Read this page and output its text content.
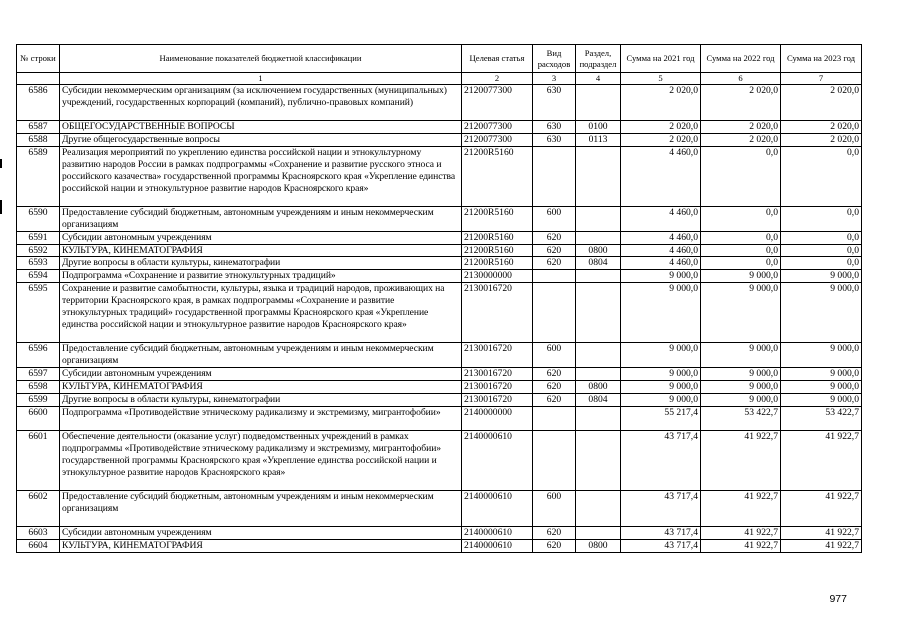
№ строки	Наименование показателей бюджетной классификации	Целевая статья	Вид расходов	Раздел, подраздел	Сумма на 2021 год	Сумма на 2022 год	Сумма на 2023 год
	1	2	3	4	5	6	7
6586	Субсидии некоммерческим организациям (за исключением государственных (муниципальных) учреждений, государственных корпораций (компаний), публично-правовых компаний)	2120077300	630		2 020,0	2 020,0	2 020,0
6587	ОБЩЕГОСУДАРСТВЕННЫЕ ВОПРОСЫ	2120077300	630	0100	2 020,0	2 020,0	2 020,0
6588	Другие общегосударственные вопросы	2120077300	630	0113	2 020,0	2 020,0	2 020,0
6589	Реализация мероприятий по укреплению единства российской нации и этнокультурному развитию народов России в рамках подпрограммы «Сохранение и развитие русского этноса и российского казачества» государственной программы Красноярского края «Укрепление единства российской нации и этнокультурное развитие народов Красноярского края»	21200R5160			4 460,0	0,0	0,0
6590	Предоставление субсидий бюджетным, автономным учреждениям и иным некоммерческим организациям	21200R5160	600		4 460,0	0,0	0,0
6591	Субсидии автономным учреждениям	21200R5160	620		4 460,0	0,0	0,0
6592	КУЛЬТУРА, КИНЕМАТОГРАФИЯ	21200R5160	620	0800	4 460,0	0,0	0,0
6593	Другие вопросы в области культуры, кинематографии	21200R5160	620	0804	4 460,0	0,0	0,0
6594	Подпрограмма «Сохранение и развитие этнокультурных традиций»	2130000000			9 000,0	9 000,0	9 000,0
6595	Сохранение и развитие самобытности, культуры, языка и традиций народов, проживающих на территории Красноярского края, в рамках подпрограммы «Сохранение и развитие этнокультурных традиций» государственной программы Красноярского края «Укрепление единства российской нации и этнокультурное развитие народов Красноярского края»	2130016720			9 000,0	9 000,0	9 000,0
6596	Предоставление субсидий бюджетным, автономным учреждениям и иным некоммерческим организациям	2130016720	600		9 000,0	9 000,0	9 000,0
6597	Субсидии автономным учреждениям	2130016720	620		9 000,0	9 000,0	9 000,0
6598	КУЛЬТУРА, КИНЕМАТОГРАФИЯ	2130016720	620	0800	9 000,0	9 000,0	9 000,0
6599	Другие вопросы в области культуры, кинематографии	2130016720	620	0804	9 000,0	9 000,0	9 000,0
6600	Подпрограмма «Противодействие этническому радикализму и экстремизму, мигрантофобии»	2140000000			55 217,4	53 422,7	53 422,7
6601	Обеспечение деятельности (оказание услуг) подведомственных учреждений в рамках подпрограммы «Противодействие этническому радикализму и экстремизму, мигрантофобии» государственной программы Красноярского края «Укрепление единства российской нации и этнокультурное развитие народов Красноярского края»	2140000610			43 717,4	41 922,7	41 922,7
6602	Предоставление субсидий бюджетным, автономным учреждениям и иным некоммерческим организациям	2140000610	600		43 717,4	41 922,7	41 922,7
6603	Субсидии автономным учреждениям	2140000610	620		43 717,4	41 922,7	41 922,7
6604	КУЛЬТУРА, КИНЕМАТОГРАФИЯ	2140000610	620	0800	43 717,4	41 922,7	41 922,7
977
